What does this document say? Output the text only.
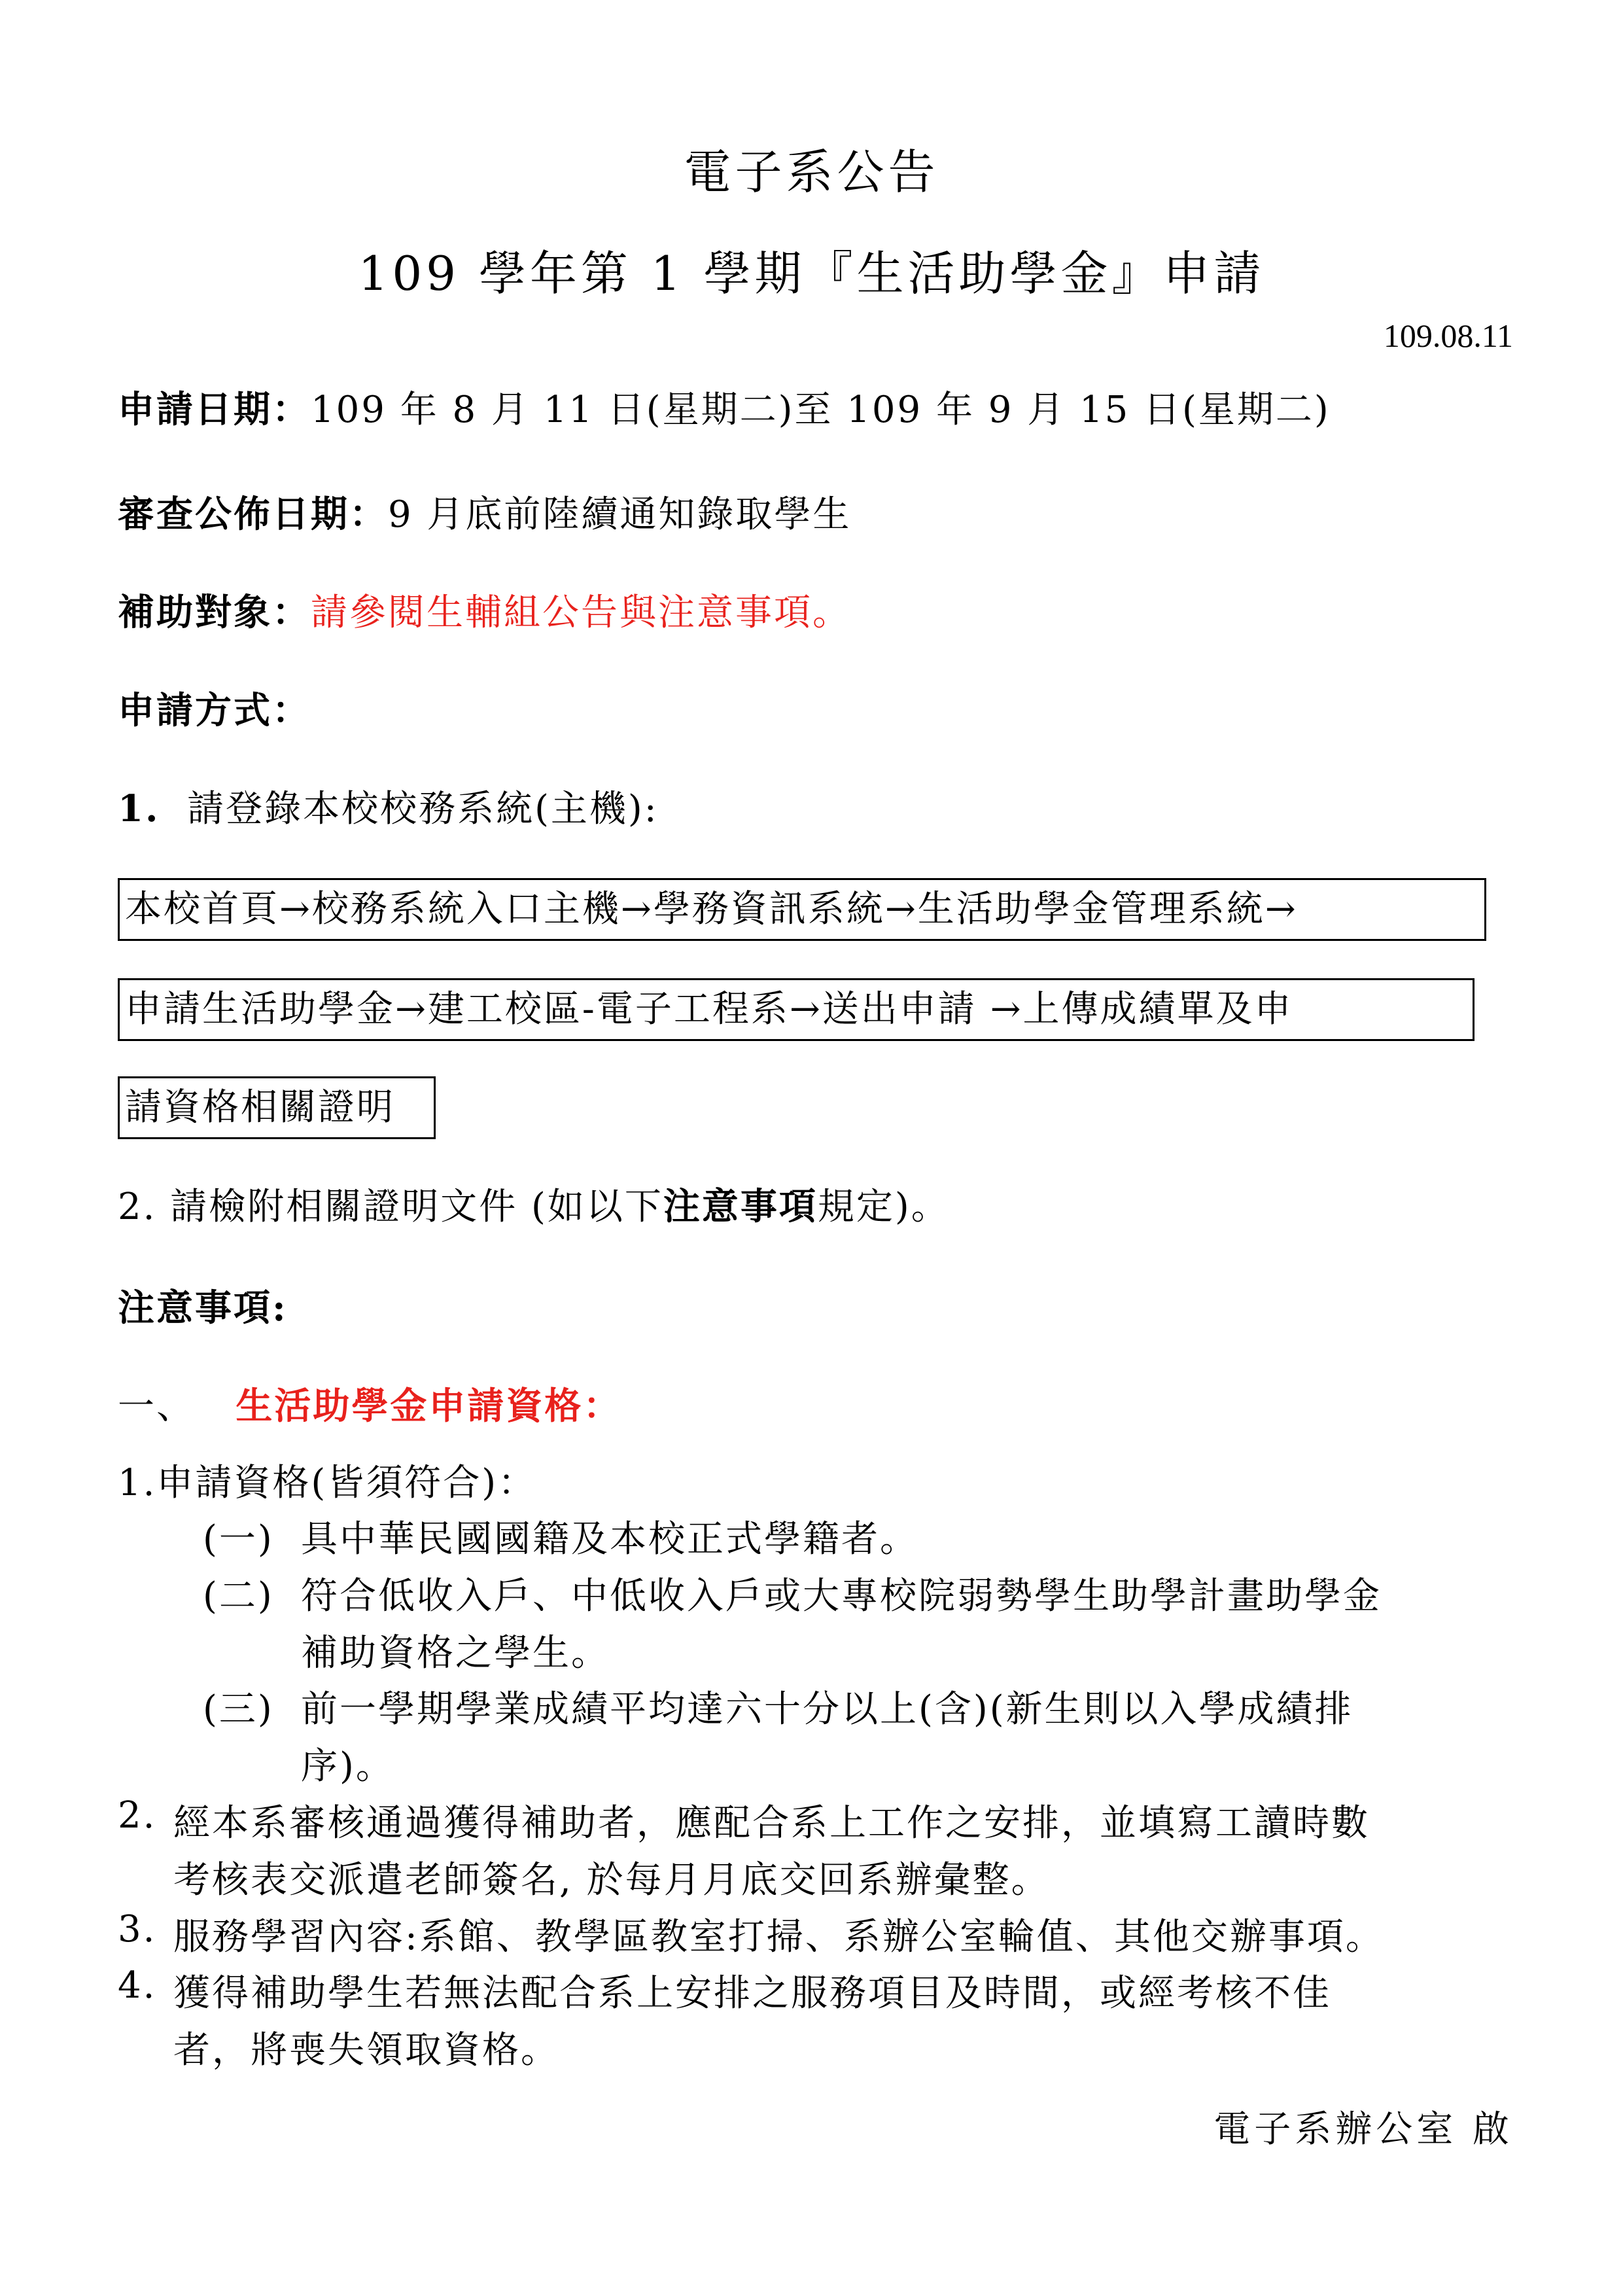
電子系公告
109 學年第 1 學期『生活助學金』申請
109.08.11
申請日期：109 年 8 月 11 日(星期二)至 109 年 9 月 15 日(星期二)
審查公佈日期：9 月底前陸續通知錄取學生
補助對象：請參閱生輔組公告與注意事項。
申請方式：
1. 請登錄本校校務系統(主機):
本校首頁→校務系統入口主機→學務資訊系統→生活助學金管理系統→
申請生活助學金→建工校區-電子工程系→送出申請 →上傳成績單及申
請資格相關證明
2. 請檢附相關證明文件 (如以下注意事項規定)。
注意事項:
一、 生活助學金申請資格：
1.申請資格(皆須符合)：
(一) 具中華民國國籍及本校正式學籍者。
(二) 符合低收入戶、中低收入戶或大專校院弱勢學生助學計畫助學金
補助資格之學生。
(三) 前一學期學業成績平均達六十分以上(含)(新生則以入學成績排
序)。
2. 經本系審核通過獲得補助者，應配合系上工作之安排，並填寫工讀時數
考核表交派遣老師簽名, 於每月月底交回系辦彙整。
3. 服務學習內容:系館、教學區教室打掃、系辦公室輪值、其他交辦事項。
4. 獲得補助學生若無法配合系上安排之服務項目及時間，或經考核不佳
者，將喪失領取資格。
電子系辦公室 啟
